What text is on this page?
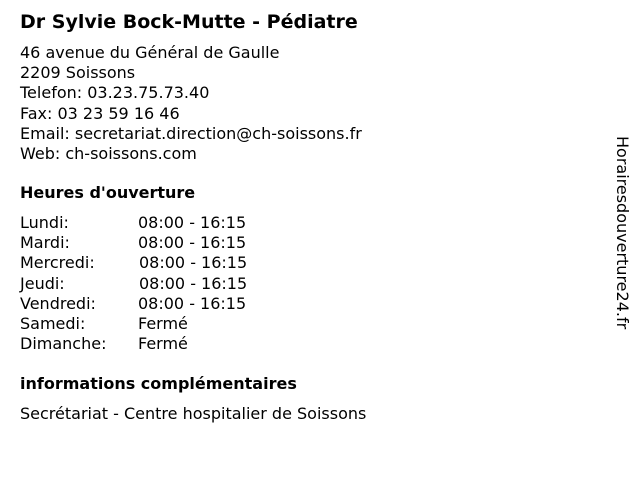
Dr Sylvie Bock-Mutte - Pédiatre
46 avenue du Général de Gaulle
2209 Soissons
Telefon: 03.23.75.73.40
Fax: 03 23 59 16 46
Email: secretariat.direction@ch-soissons.fr
Web: ch-soissons.com
Heures d'ouverture
Lundi:	08:00 - 16:15
Mardi:	08:00 - 16:15
Mercredi:	08:00 - 16:15
Jeudi:	08:00 - 16:15
Vendredi:	08:00 - 16:15
Samedi:	Fermé
Dimanche: Fermé
informations complémentaires
Secrétariat - Centre hospitalier de Soissons
Horairesdouverture24.fr
